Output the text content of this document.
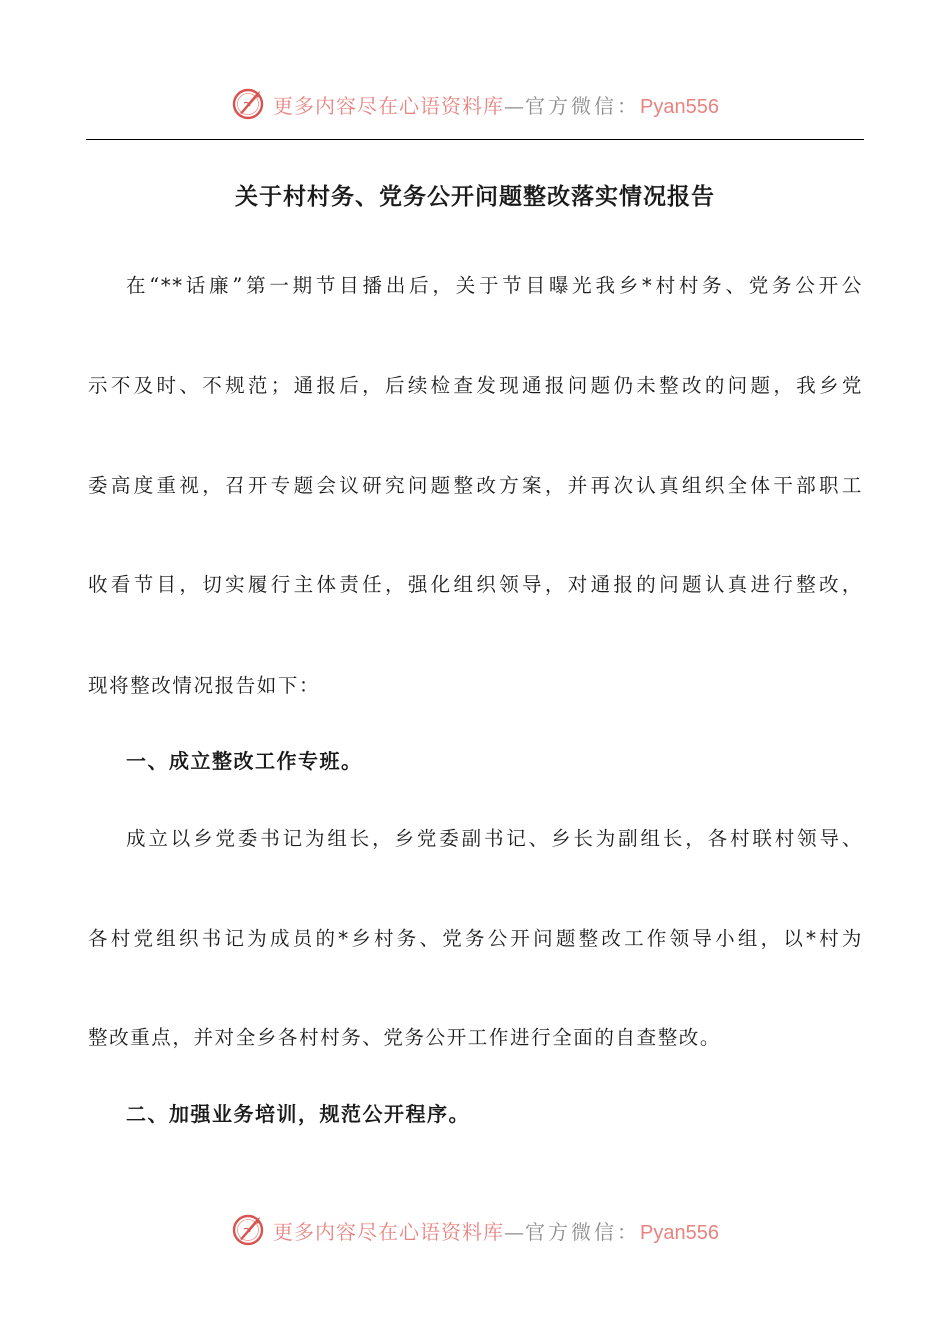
更多内容尽在心语资料库—官方微信：Pyan556
关于村村务、党务公开问题整改落实情况报告
在“**话廉”第一期节目播出后，关于节目曝光我乡*村村务、党务公开公
示不及时、不规范；通报后，后续检查发现通报问题仍未整改的问题，我乡党
委高度重视，召开专题会议研究问题整改方案，并再次认真组织全体干部职工
收看节目，切实履行主体责任，强化组织领导，对通报的问题认真进行整改，
现将整改情况报告如下：
一、成立整改工作专班。
成立以乡党委书记为组长，乡党委副书记、乡长为副组长，各村联村领导、
各村党组织书记为成员的*乡村务、党务公开问题整改工作领导小组，以*村为
整改重点，并对全乡各村村务、党务公开工作进行全面的自查整改。
二、加强业务培训，规范公开程序。
更多内容尽在心语资料库—官方微信：Pyan556
